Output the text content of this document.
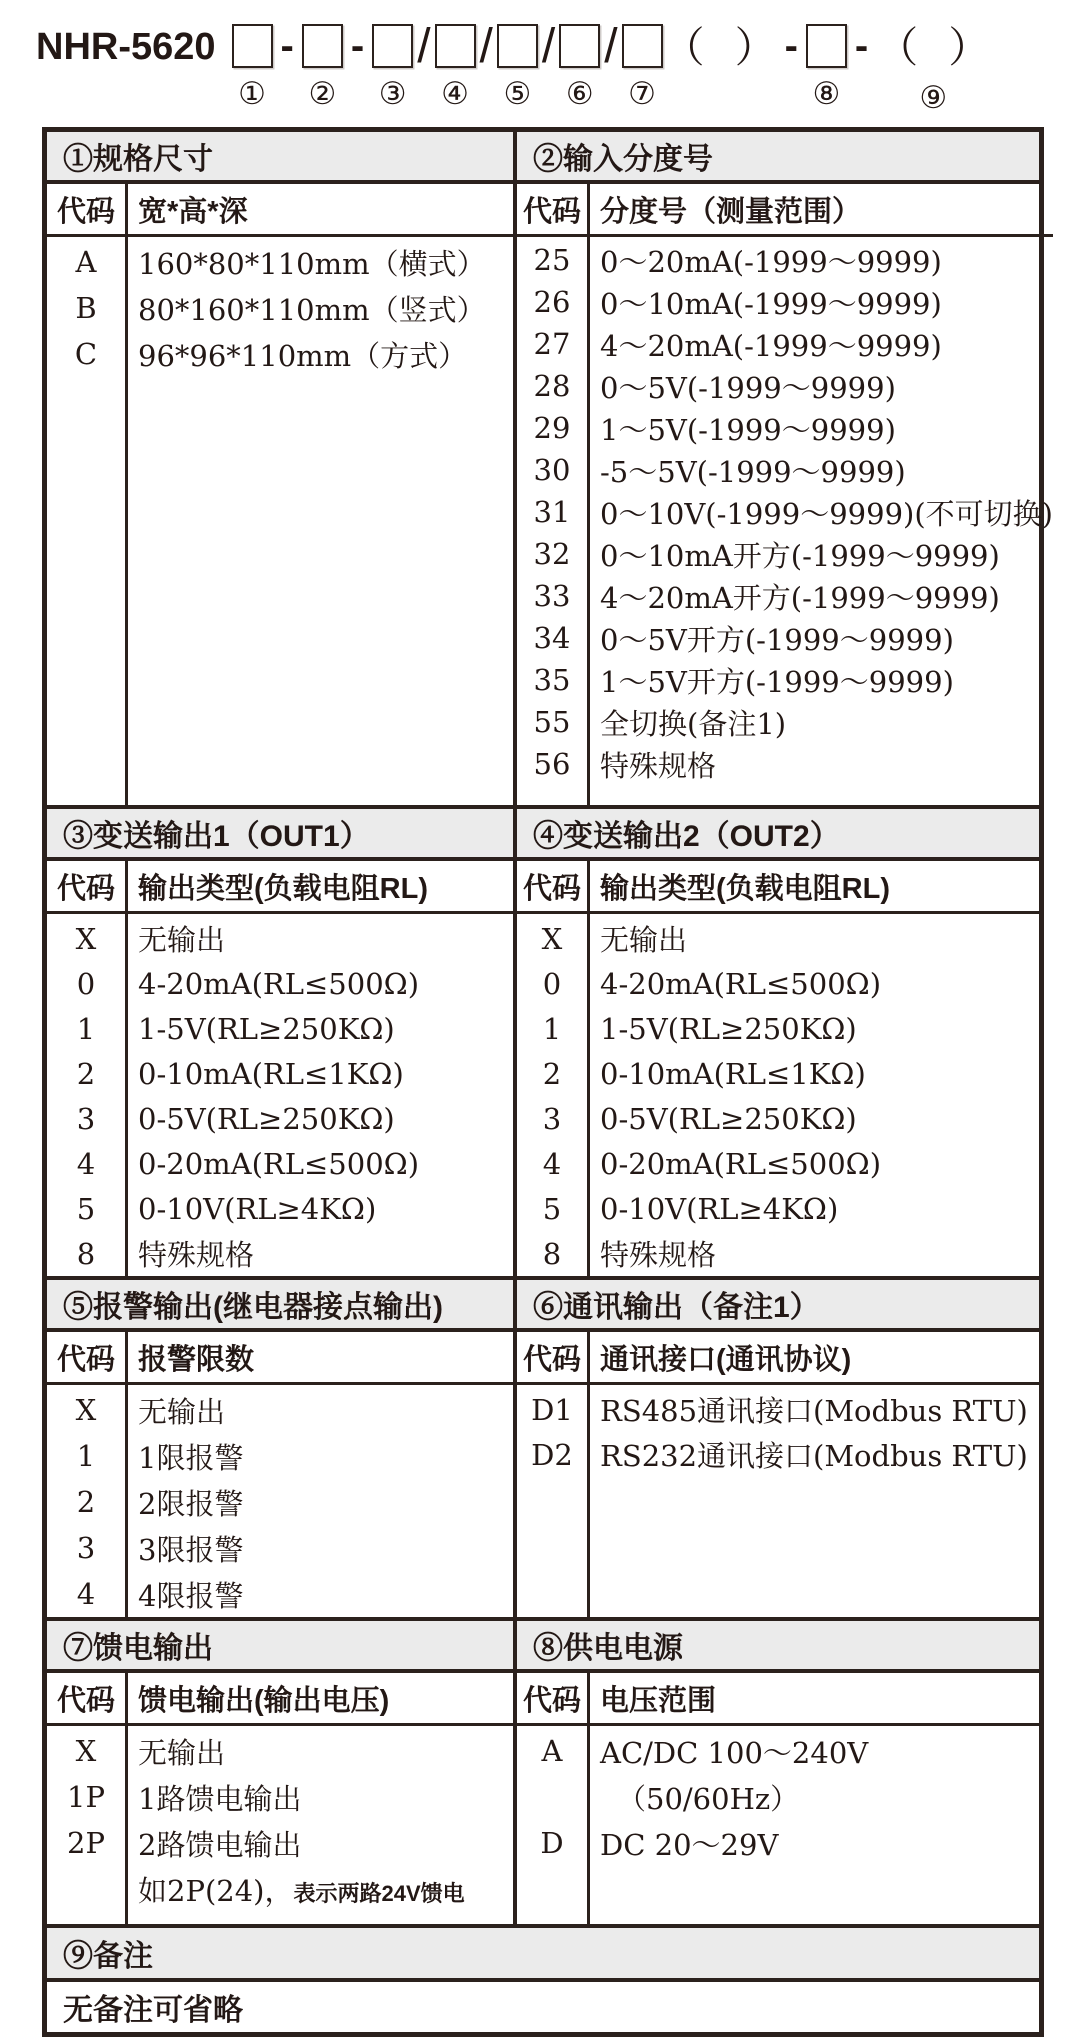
NHR-5620
①
-
②
-
③
/
④
/
⑤
/
⑥
/
⑦
（ ） -
⑧
- （ ）
⑨
①规格尺寸	②输入分度号
代码 宽*高*深
A	160*80*110mm（横式）
B	80*160*110mm（竖式）
C	96*96*110mm（方式）
代码 分度号（测量范围）
25	0～20mA(-1999～9999)
26	0～10mA(-1999～9999)
27	4～20mA(-1999～9999)
28	0～5V(-1999～9999)
29	1～5V(-1999～9999)
30	-5～5V(-1999～9999)
31	0～10V(-1999～9999)(不可切换)
32	0～10mA开方(-1999～9999)
33	4～20mA开方(-1999～9999)
34	0～5V开方(-1999～9999)
35	1～5V开方(-1999～9999)
55	全切换(备注1)
56	特殊规格
③变送输出1（OUT1）	④变送输出2（OUT2）
代码 输出类型(负载电阻RL)
X	无输出
0	4-20mA(RL≤500Ω)
1	1-5V(RL≥250KΩ)
2	0-10mA(RL≤1KΩ)
3	0-5V(RL≥250KΩ)
4	0-20mA(RL≤500Ω)
5	0-10V(RL≥4KΩ)
8	特殊规格
代码 输出类型(负载电阻RL)
X	无输出
0	4-20mA(RL≤500Ω)
1	1-5V(RL≥250KΩ)
2	0-10mA(RL≤1KΩ)
3	0-5V(RL≥250KΩ)
4	0-20mA(RL≤500Ω)
5	0-10V(RL≥4KΩ)
8	特殊规格
⑤报警输出(继电器接点输出)	⑥通讯输出（备注1）
代码 报警限数
X	无输出
1	1限报警
2	2限报警
3	3限报警
4	4限报警
代码 通讯接口(通讯协议)
D1 RS485通讯接口(Modbus RTU)
D2 RS232通讯接口(Modbus RTU)
⑦馈电输出	⑧供电电源
代码 馈电输出(输出电压)
X	无输出
1P	1路馈电输出
2P	2路馈电输出
如2P(24)，表示两路24V馈电
代码 电压范围
A	AC/DC 100～240V
（50/60Hz）
D	DC 20～29V
⑨备注
无备注可省略
